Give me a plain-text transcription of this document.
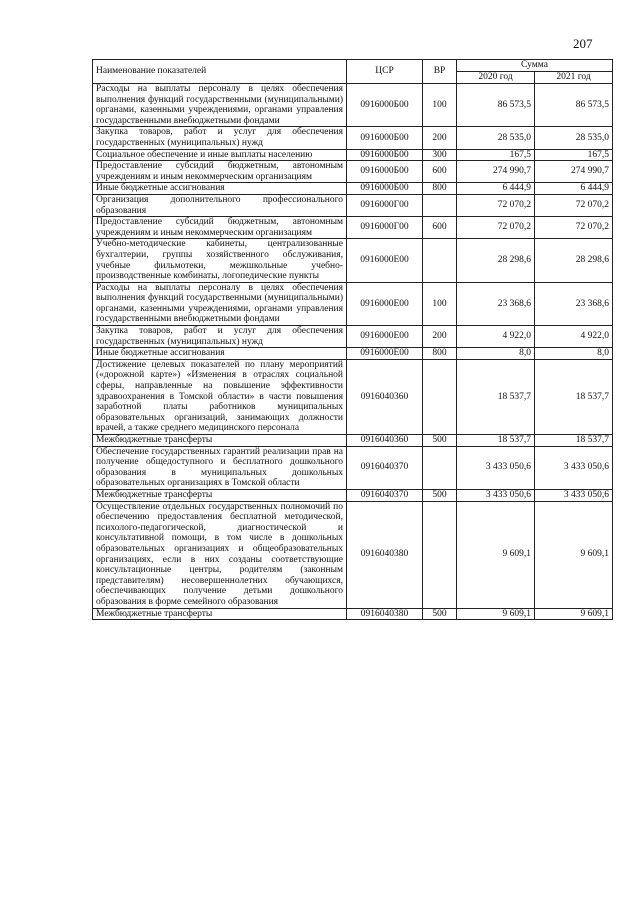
207
Наименование показателей	ЦСР	ВР	Сумма	
			2020 год	2021 год
Расходы на выплаты персоналу в целях обеспечения выполнения функций государственными (муниципальными) органами, казенными учреждениями, органами управления государственными внебюджетными фондами	0916000Б00	100	86 573,5	86 573,5
Закупка товаров, работ и услуг для обеспечения государственных (муниципальных) нужд	0916000Б00	200	28 535,0	28 535,0
Социальное обеспечение и иные выплаты населению	0916000Б00	300	167,5	167,5
Предоставление субсидий бюджетным, автономным учреждениям и иным некоммерческим организациям	0916000Б00	600	274 990,7	274 990,7
Иные бюджетные ассигнования	0916000Б00	800	6 444,9	6 444,9
Организация дополнительного профессионального образования	0916000Г00		72 070,2	72 070,2
Предоставление субсидий бюджетным, автономным учреждениям и иным некоммерческим организациям	0916000Г00	600	72 070,2	72 070,2
Учебно-методические кабинеты, централизованные бухгалтерии, группы хозяйственного обслуживания, учебные фильмотеки, межшкольные учебно-производственные комбинаты, логопедические пункты	0916000Е00		28 298,6	28 298,6
Расходы на выплаты персоналу в целях обеспечения выполнения функций государственными (муниципальными) органами, казенными учреждениями, органами управления государственными внебюджетными фондами	0916000Е00	100	23 368,6	23 368,6
Закупка товаров, работ и услуг для обеспечения государственных (муниципальных) нужд	0916000Е00	200	4 922,0	4 922,0
Иные бюджетные ассигнования	0916000Е00	800	8,0	8,0
Достижение целевых показателей по плану мероприятий («дорожной карте») «Изменения в отраслях социальной сферы, направленные на повышение эффективности здравоохранения в Томской области» в части повышения заработной платы работников муниципальных образовательных организаций, занимающих должности врачей, а также среднего медицинского персонала	0916040360		18 537,7	18 537,7
Межбюджетные трансферты	0916040360	500	18 537,7	18 537,7
Обеспечение государственных гарантий реализации прав на получение общедоступного и бесплатного дошкольного образования в муниципальных дошкольных образовательных организациях в Томской области	0916040370		3 433 050,6	3 433 050,6
Межбюджетные трансферты	0916040370	500	3 433 050,6	3 433 050,6
Осуществление отдельных государственных полномочий по обеспечению предоставления бесплатной методической, психолого-педагогической, диагностической и консультативной помощи, в том числе в дошкольных образовательных организациях и общеобразовательных организациях, если в них созданы соответствующие консультационные центры, родителям (законным представителям) несовершеннолетних обучающихся, обеспечивающих получение детьми дошкольного образования в форме семейного образования	0916040380		9 609,1	9 609,1
Межбюджетные трансферты	0916040380	500	9 609,1	9 609,1
